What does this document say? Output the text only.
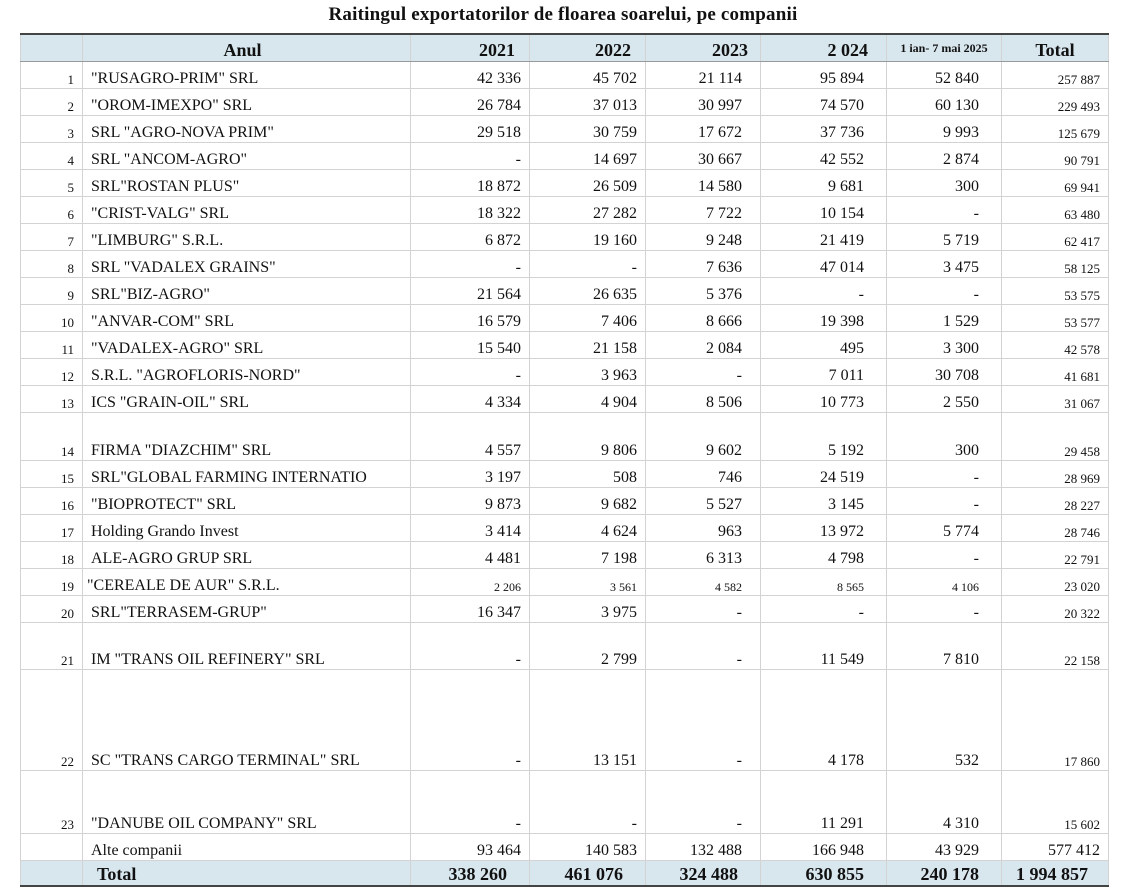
Raitingul exportatorilor de floarea soarelui, pe companii
	Anul	2021	2022	2023	2 024	1 ian- 7 mai 2025	Total
1	"RUSAGRO-PRIM" SRL	42 336	45 702	21 114	95 894	52 840	257 887
2	"OROM-IMEXPO" SRL	26 784	37 013	30 997	74 570	60 130	229 493
3	SRL "AGRO-NOVA PRIM"	29 518	30 759	17 672	37 736	9 993	125 679
4	SRL "ANCOM-AGRO"	-	14 697	30 667	42 552	2 874	90 791
5	SRL"ROSTAN PLUS"	18 872	26 509	14 580	9 681	300	69 941
6	"CRIST-VALG" SRL	18 322	27 282	7 722	10 154	-	63 480
7	"LIMBURG" S.R.L.	6 872	19 160	9 248	21 419	5 719	62 417
8	SRL "VADALEX GRAINS"	-	-	7 636	47 014	3 475	58 125
9	SRL"BIZ-AGRO"	21 564	26 635	5 376	-	-	53 575
10	"ANVAR-COM" SRL	16 579	7 406	8 666	19 398	1 529	53 577
11	"VADALEX-AGRO" SRL	15 540	21 158	2 084	495	3 300	42 578
12	S.R.L. "AGROFLORIS-NORD"	-	3 963	-	7 011	30 708	41 681
13	ICS "GRAIN-OIL" SRL	4 334	4 904	8 506	10 773	2 550	31 067
14	FIRMA "DIAZCHIM" SRL	4 557	9 806	9 602	5 192	300	29 458
15	SRL"GLOBAL FARMING INTERNATIO	3 197	508	746	24 519	-	28 969
16	"BIOPROTECT" SRL	9 873	9 682	5 527	3 145	-	28 227
17	Holding Grando Invest	3 414	4 624	963	13 972	5 774	28 746
18	ALE-AGRO GRUP SRL	4 481	7 198	6 313	4 798	-	22 791
19	"CEREALE DE AUR" S.R.L.	2 206	3 561	4 582	8 565	4 106	23 020
20	SRL"TERRASEM-GRUP"	16 347	3 975	-	-	-	20 322
21	IM "TRANS OIL REFINERY" SRL	-	2 799	-	11 549	7 810	22 158
22	SC "TRANS CARGO TERMINAL" SRL	-	13 151	-	4 178	532	17 860
23	"DANUBE OIL COMPANY" SRL	-	-	-	11 291	4 310	15 602
	Alte companii	93 464	140 583	132 488	166 948	43 929	577 412
	Total	338 260	461 076	324 488	630 855	240 178	1 994 857
